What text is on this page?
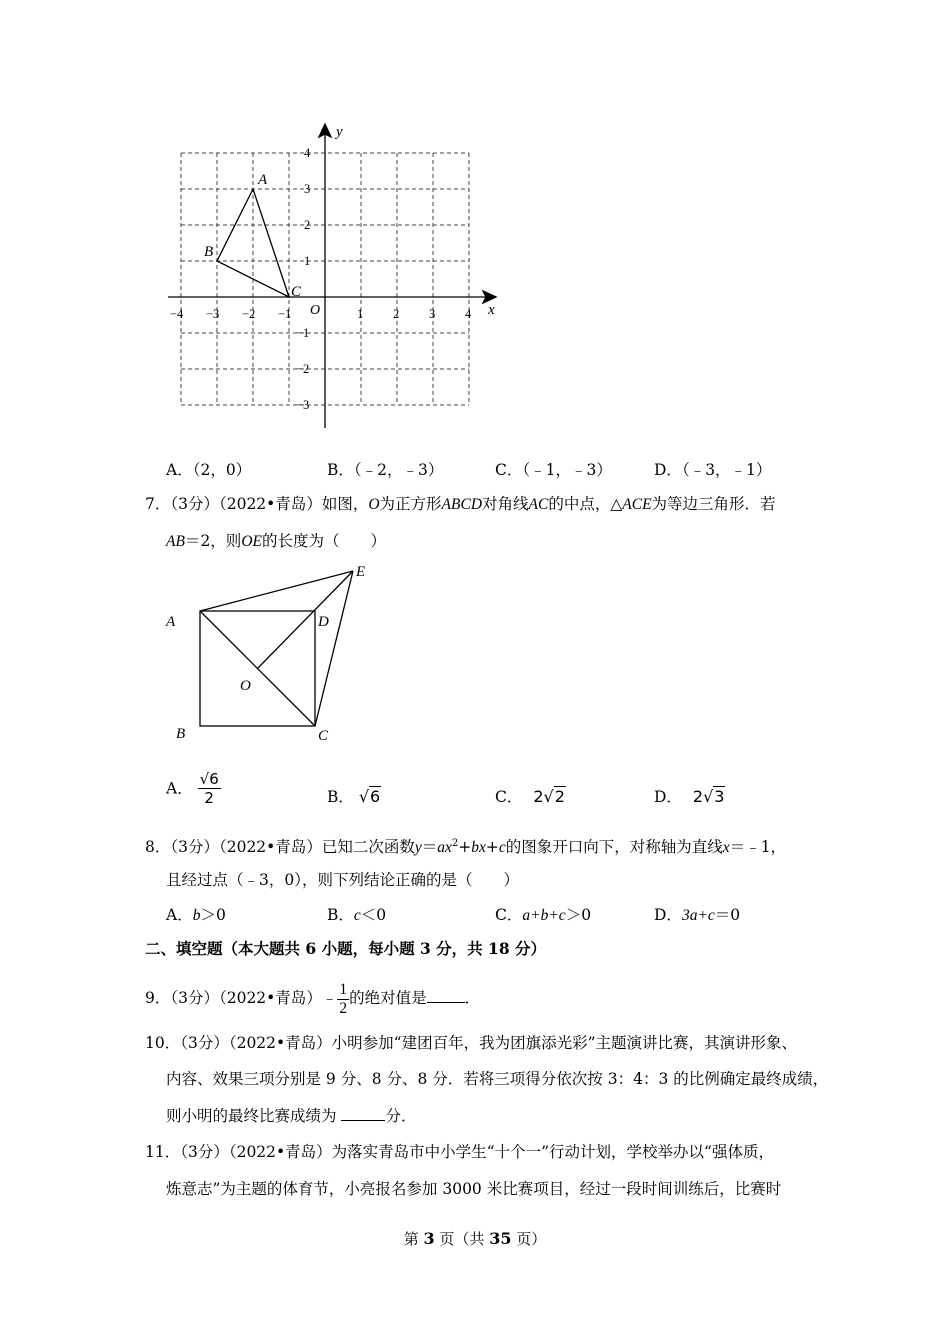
x
y
O
−4 −3 −2 −1	1 2 3 4
4
3
2
1
−1
−2
−3
A
B
C
A．（2，0）	B．（﹣2，﹣3）	C．（﹣1，﹣3）	D．（﹣3，﹣1）
7．（3分）（2022•青岛）如图，O为正方形ABCD对角线AC的中点，△ACE为等边三角形．若
AB＝2，则OE的长度为（　　）
A	D
E
O
B	C
A． $\frac{√6}{2}$	B． √6	C． 2√2	D． 2√3
8．（3分）（2022•青岛）已知二次函数$y=ax^2+bx+c$的图象开口向下，对称轴为直线x＝﹣1，
且经过点（﹣3，0），则下列结论正确的是（　　）
A．b＞0	B．c＜0	C．a+b+c＞0	D．3a+c＝0
二、填空题（本大题共 6 小题，每小题 3 分，共 18 分）
9．（3分）（2022•青岛）﹣ $\frac{1}{2}$ 的绝对值是 ．
10．（3分）（2022•青岛）小明参加“建团百年，我为团旗添光彩”主题演讲比赛，其演讲形象、
内容、效果三项分别是 9 分、8 分、8 分．若将三项得分依次按 3：4：3 的比例确定最终成绩，
则小明的最终比赛成绩为	分．
11．（3分）（2022•青岛）为落实青岛市中小学生“十个一”行动计划，学校举办以“强体质，
炼意志”为主题的体育节，小亮报名参加 3000 米比赛项目，经过一段时间训练后，比赛时
第 3 页（共 35 页）
